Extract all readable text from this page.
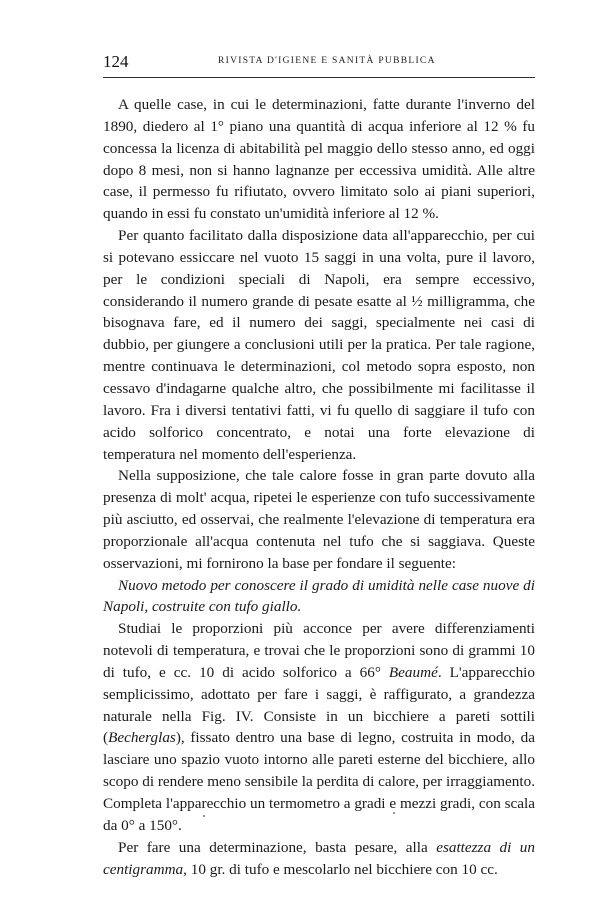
124	RIVISTA D'IGIENE E SANITÀ PUBBLICA

A quelle case, in cui le determinazioni, fatte durante l'inverno del 1890, diedero al 1° piano una quantità di acqua inferiore al 12 % fu concessa la licenza di abitabilità pel maggio dello stesso anno, ed oggi dopo 8 mesi, non si hanno lagnanze per eccessiva umidità. Alle altre case, il permesso fu rifiutato, ovvero limitato solo ai piani superiori, quando in essi fu constato un'umidità inferiore al 12 %.

Per quanto facilitato dalla disposizione data all'apparecchio, per cui si potevano essiccare nel vuoto 15 saggi in una volta, pure il lavoro, per le condizioni speciali di Napoli, era sempre eccessivo, considerando il numero grande di pesate esatte al ½ milligramma, che bisognava fare, ed il numero dei saggi, specialmente nei casi di dubbio, per giungere a conclusioni utili per la pratica. Per tale ragione, mentre continuava le determinazioni, col metodo sopra esposto, non cessavo d'indagarne qualche altro, che possibilmente mi facilitasse il lavoro. Fra i diversi tentativi fatti, vi fu quello di saggiare il tufo con acido solforico concentrato, e notai una forte elevazione di temperatura nel momento dell'esperienza.

Nella supposizione, che tale calore fosse in gran parte dovuto alla presenza di molt' acqua, ripetei le esperienze con tufo successivamente più asciutto, ed osservai, che realmente l'elevazione di temperatura era proporzionale all'acqua contenuta nel tufo che si saggiava. Queste osservazioni, mi fornirono la base per fondare il seguente:

Nuovo metodo per conoscere il grado di umidità nelle case nuove di Napoli, costruite con tufo giallo.

Studiai le proporzioni più acconce per avere differenziamenti notevoli di temperatura, e trovai che le proporzioni sono di grammi 10 di tufo, e cc. 10 di acido solforico a 66° Beaumé. L'apparecchio semplicissimo, adottato per fare i saggi, è raffigurato, a grandezza naturale nella Fig. IV. Consiste in un bicchiere a pareti sottili (Becherglas), fissato dentro una base di legno, costruita in modo, da lasciare uno spazio vuoto intorno alle pareti esterne del bicchiere, allo scopo di rendere meno sensibile la perdita di calore, per irraggiamento. Completa l'apparecchio un termometro a gradi e mezzi gradi, con scala da 0° a 150°.

Per fare una determinazione, basta pesare, alla esattezza di un centigramma, 10 gr. di tufo e mescolarlo nel bicchiere con 10 cc.
